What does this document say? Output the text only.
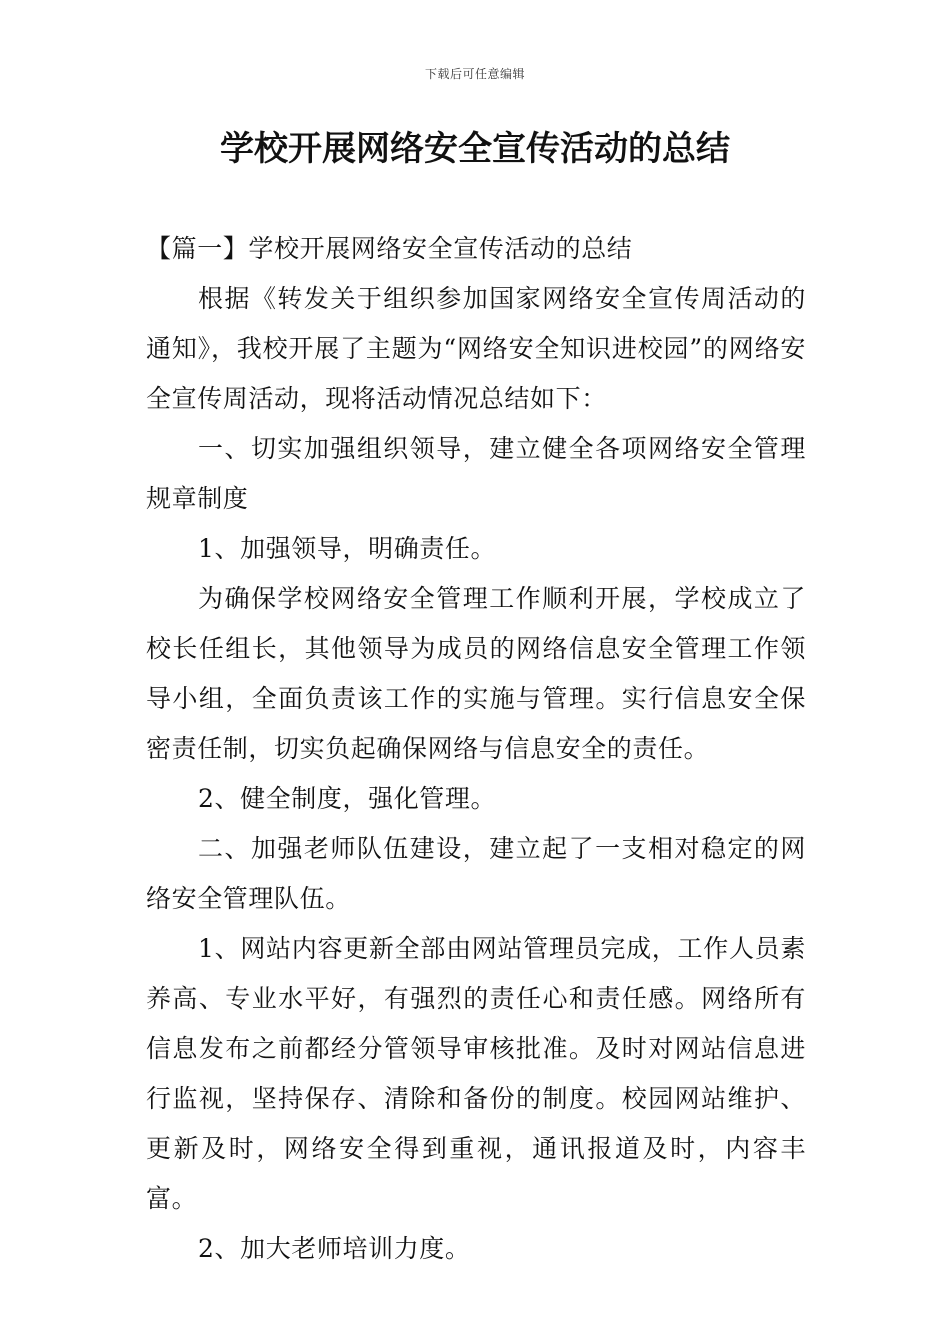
下载后可任意编辑
学校开展网络安全宣传活动的总结

【篇一】学校开展网络安全宣传活动的总结

根据《转发关于组织参加国家网络安全宣传周活动的通知》，我校开展了主题为“网络安全知识进校园”的网络安全宣传周活动，现将活动情况总结如下：

一、切实加强组织领导，建立健全各项网络安全管理规章制度

1、加强领导，明确责任。

为确保学校网络安全管理工作顺利开展，学校成立了校长任组长，其他领导为成员的网络信息安全管理工作领导小组，全面负责该工作的实施与管理。实行信息安全保密责任制，切实负起确保网络与信息安全的责任。

2、健全制度，强化管理。

二、加强老师队伍建设，建立起了一支相对稳定的网络安全管理队伍。

1、网站内容更新全部由网站管理员完成，工作人员素养高、专业水平好，有强烈的责任心和责任感。网络所有信息发布之前都经分管领导审核批准。及时对网站信息进行监视，坚持保存、清除和备份的制度。校园网站维护、更新及时，网络安全得到重视，通讯报道及时，内容丰富。

2、加大老师培训力度。
